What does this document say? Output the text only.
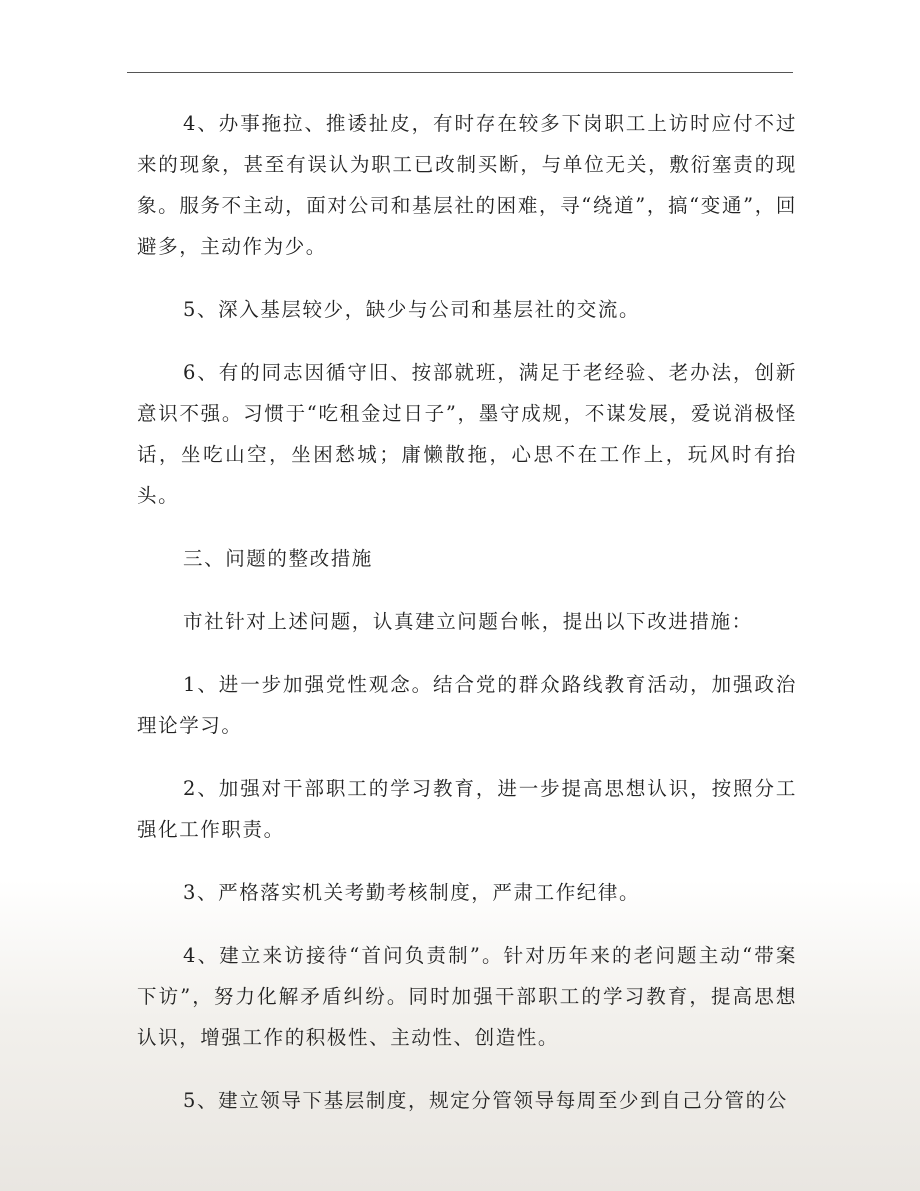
4、办事拖拉、推诿扯皮，有时存在较多下岗职工上访时应付不过来的现象，甚至有误认为职工已改制买断，与单位无关，敷衍塞责的现象。服务不主动，面对公司和基层社的困难，寻“绕道”，搞“变通”，回避多，主动作为少。

5、深入基层较少，缺少与公司和基层社的交流。

6、有的同志因循守旧、按部就班，满足于老经验、老办法，创新意识不强。习惯于“吃租金过日子”，墨守成规，不谋发展，爱说消极怪话，坐吃山空，坐困愁城；庸懒散拖，心思不在工作上，玩风时有抬头。

三、问题的整改措施

市社针对上述问题，认真建立问题台帐，提出以下改进措施：

1、进一步加强党性观念。结合党的群众路线教育活动，加强政治理论学习。

2、加强对干部职工的学习教育，进一步提高思想认识，按照分工强化工作职责。

3、严格落实机关考勤考核制度，严肃工作纪律。

4、建立来访接待“首问负责制”。针对历年来的老问题主动“带案下访”，努力化解矛盾纠纷。同时加强干部职工的学习教育，提高思想认识，增强工作的积极性、主动性、创造性。

5、建立领导下基层制度，规定分管领导每周至少到自己分管的公
